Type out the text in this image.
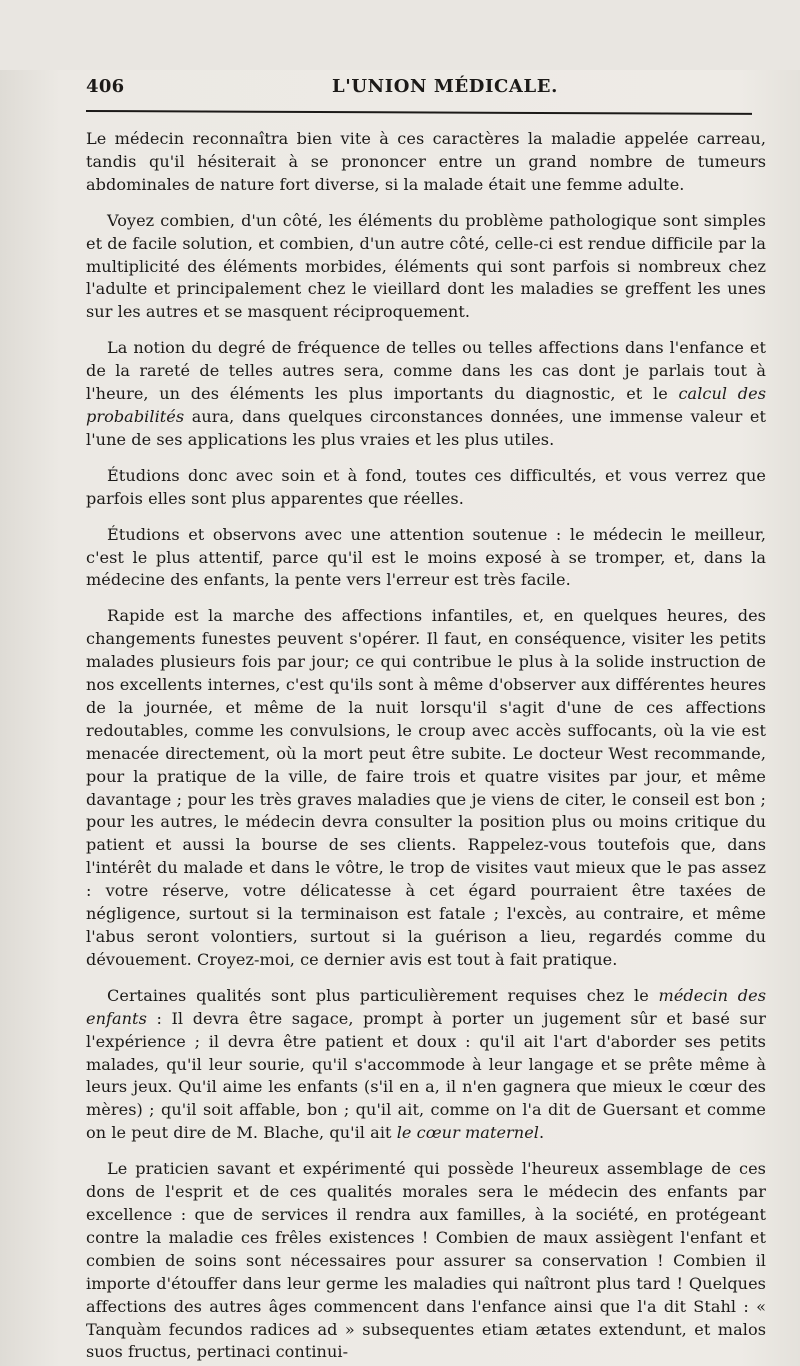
406	L'UNION MÉDICALE.

Le médecin reconnaîtra bien vite à ces caractères la maladie appelée carreau, tandis qu'il hésiterait à se prononcer entre un grand nombre de tumeurs abdominales de nature fort diverse, si la malade était une femme adulte.

Voyez combien, d'un côté, les éléments du problème pathologique sont simples et de facile solution, et combien, d'un autre côté, celle-ci est rendue difficile par la multiplicité des éléments morbides, éléments qui sont parfois si nombreux chez l'adulte et principalement chez le vieillard dont les maladies se greffent les unes sur les autres et se masquent réciproquement.

La notion du degré de fréquence de telles ou telles affections dans l'enfance et de la rareté de telles autres sera, comme dans les cas dont je parlais tout à l'heure, un des éléments les plus importants du diagnostic, et le calcul des probabilités aura, dans quelques circonstances données, une immense valeur et l'une de ses applications les plus vraies et les plus utiles.

Étudions donc avec soin et à fond, toutes ces difficultés, et vous verrez que parfois elles sont plus apparentes que réelles.

Étudions et observons avec une attention soutenue : le médecin le meilleur, c'est le plus attentif, parce qu'il est le moins exposé à se tromper, et, dans la médecine des enfants, la pente vers l'erreur est très facile.

Rapide est la marche des affections infantiles, et, en quelques heures, des changements funestes peuvent s'opérer. Il faut, en conséquence, visiter les petits malades plusieurs fois par jour; ce qui contribue le plus à la solide instruction de nos excellents internes, c'est qu'ils sont à même d'observer aux différentes heures de la journée, et même de la nuit lorsqu'il s'agit d'une de ces affections redoutables, comme les convulsions, le croup avec accès suffocants, où la vie est menacée directement, où la mort peut être subite. Le docteur West recommande, pour la pratique de la ville, de faire trois et quatre visites par jour, et même davantage ; pour les très graves maladies que je viens de citer, le conseil est bon ; pour les autres, le médecin devra consulter la position plus ou moins critique du patient et aussi la bourse de ses clients. Rappelez-vous toutefois que, dans l'intérêt du malade et dans le vôtre, le trop de visites vaut mieux que le pas assez : votre réserve, votre délicatesse à cet égard pourraient être taxées de négligence, surtout si la terminaison est fatale ; l'excès, au contraire, et même l'abus seront volontiers, surtout si la guérison a lieu, regardés comme du dévouement. Croyez-moi, ce dernier avis est tout à fait pratique.

Certaines qualités sont plus particulièrement requises chez le médecin des enfants : Il devra être sagace, prompt à porter un jugement sûr et basé sur l'expérience ; il devra être patient et doux : qu'il ait l'art d'aborder ses petits malades, qu'il leur sourie, qu'il s'accommode à leur langage et se prête même à leurs jeux. Qu'il aime les enfants (s'il en a, il n'en gagnera que mieux le cœur des mères) ; qu'il soit affable, bon ; qu'il ait, comme on l'a dit de Guersant et comme on le peut dire de M. Blache, qu'il ait le cœur maternel.

Le praticien savant et expérimenté qui possède l'heureux assemblage de ces dons de l'esprit et de ces qualités morales sera le médecin des enfants par excellence : que de services il rendra aux familles, à la société, en protégeant contre la maladie ces frêles existences ! Combien de maux assiègent l'enfant et combien de soins sont nécessaires pour assurer sa conservation ! Combien il importe d'étouffer dans leur germe les maladies qui naîtront plus tard ! Quelques affections des autres âges commencent dans l'enfance ainsi que l'a dit Stahl : « Tanquàm fecundos radices ad » subsequentes etiam ætates extendunt, et malos suos fructus, pertinaci continui-
